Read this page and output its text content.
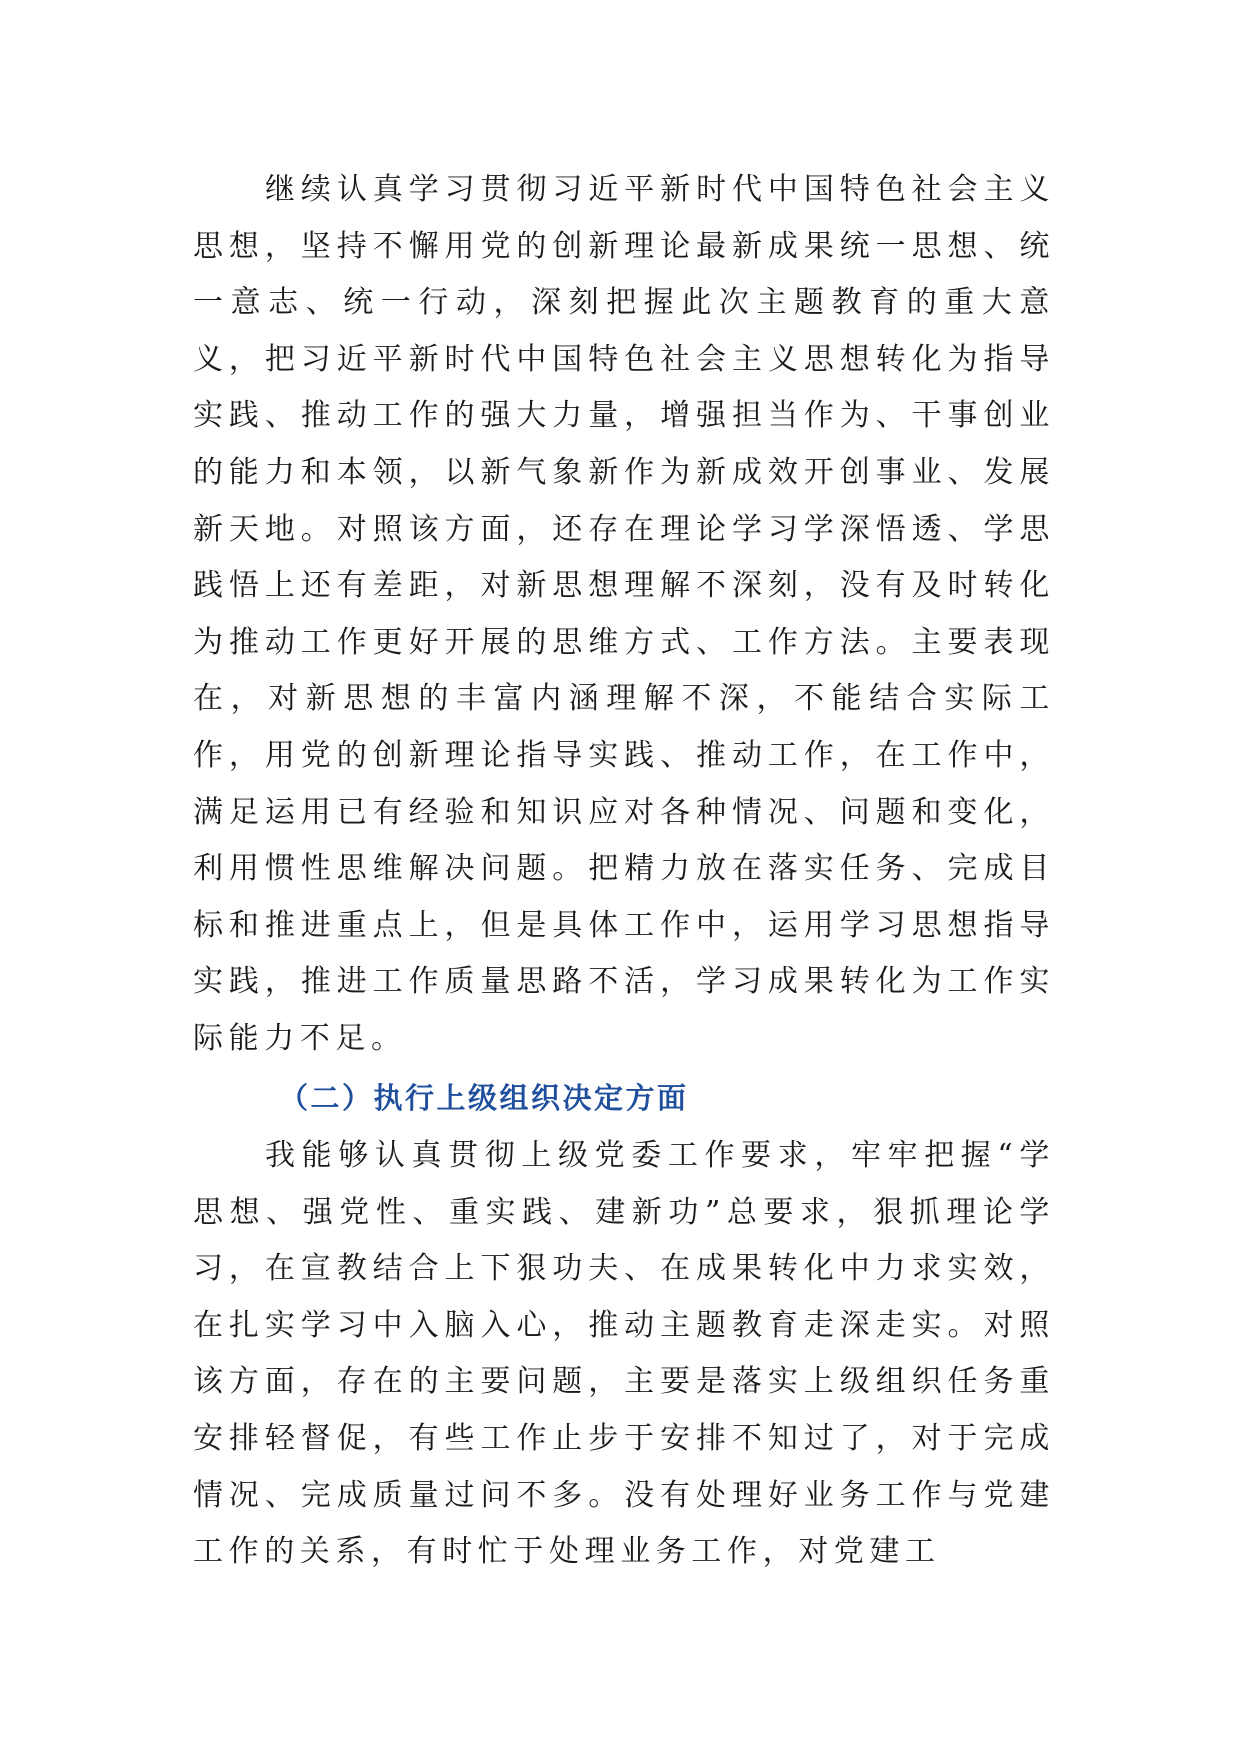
继续认真学习贯彻习近平新时代中国特色社会主义思想，坚持不懈用党的创新理论最新成果统一思想、统一意志、统一行动，深刻把握此次主题教育的重大意义，把习近平新时代中国特色社会主义思想转化为指导实践、推动工作的强大力量，增强担当作为、干事创业的能力和本领，以新气象新作为新成效开创事业、发展新天地。对照该方面，还存在理论学习学深悟透、学思践悟上还有差距，对新思想理解不深刻，没有及时转化为推动工作更好开展的思维方式、工作方法。主要表现在，对新思想的丰富内涵理解不深，不能结合实际工作，用党的创新理论指导实践、推动工作，在工作中，满足运用已有经验和知识应对各种情况、问题和变化，利用惯性思维解决问题。把精力放在落实任务、完成目标和推进重点上，但是具体工作中，运用学习思想指导实践，推进工作质量思路不活，学习成果转化为工作实际能力不足。

（二）执行上级组织决定方面

我能够认真贯彻上级党委工作要求，牢牢把握“学思想、强党性、重实践、建新功”总要求，狠抓理论学习，在宣教结合上下狠功夫、在成果转化中力求实效，在扎实学习中入脑入心，推动主题教育走深走实。对照该方面，存在的主要问题，主要是落实上级组织任务重安排轻督促，有些工作止步于安排不知过了，对于完成情况、完成质量过问不多。没有处理好业务工作与党建工作的关系，有时忙于处理业务工作，对党建工
